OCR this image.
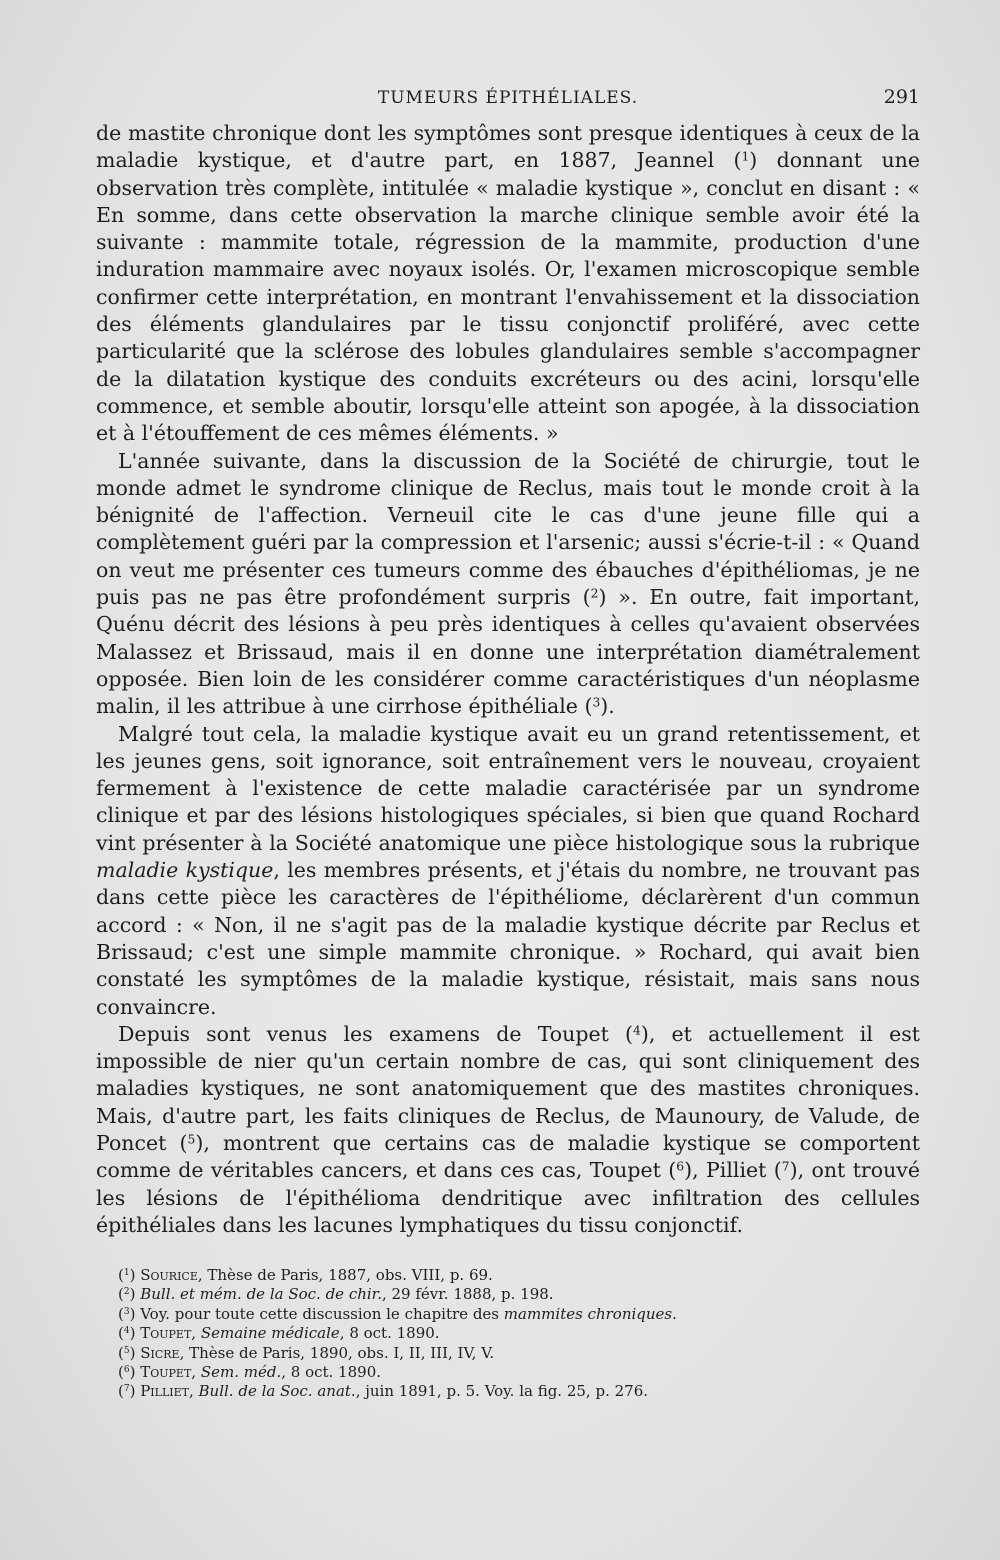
TUMEURS ÉPITHÉLIALES.	291

de mastite chronique dont les symptômes sont presque identiques à ceux de la maladie kystique, et d'autre part, en 1887, Jeannel ($^1$) donnant une observation très complète, intitulée « maladie kystique », conclut en disant : « En somme, dans cette observation la marche clinique semble avoir été la suivante : mammite totale, régression de la mammite, production d'une induration mammaire avec noyaux isolés. Or, l'examen microscopique semble confirmer cette interprétation, en montrant l'envahissement et la dissociation des éléments glandulaires par le tissu conjonctif proliféré, avec cette particularité que la sclérose des lobules glandulaires semble s'accompagner de la dilatation kystique des conduits excréteurs ou des acini, lorsqu'elle commence, et semble aboutir, lorsqu'elle atteint son apogée, à la dissociation et à l'étouffement de ces mêmes éléments. »

L'année suivante, dans la discussion de la Société de chirurgie, tout le monde admet le syndrome clinique de Reclus, mais tout le monde croit à la bénignité de l'affection. Verneuil cite le cas d'une jeune fille qui a complètement guéri par la compression et l'arsenic; aussi s'écrie-t-il : « Quand on veut me présenter ces tumeurs comme des ébauches d'épithéliomas, je ne puis pas ne pas être profondément surpris ($^2$) ». En outre, fait important, Quénu décrit des lésions à peu près identiques à celles qu'avaient observées Malassez et Brissaud, mais il en donne une interprétation diamétralement opposée. Bien loin de les considérer comme caractéristiques d'un néoplasme malin, il les attribue à une cirrhose épithéliale ($^3$).

Malgré tout cela, la maladie kystique avait eu un grand retentissement, et les jeunes gens, soit ignorance, soit entraînement vers le nouveau, croyaient fermement à l'existence de cette maladie caractérisée par un syndrome clinique et par des lésions histologiques spéciales, si bien que quand Rochard vint présenter à la Société anatomique une pièce histologique sous la rubrique maladie kystique, les membres présents, et j'étais du nombre, ne trouvant pas dans cette pièce les caractères de l'épithéliome, déclarèrent d'un commun accord : « Non, il ne s'agit pas de la maladie kystique décrite par Reclus et Brissaud; c'est une simple mammite chronique. » Rochard, qui avait bien constaté les symptômes de la maladie kystique, résistait, mais sans nous convaincre.

Depuis sont venus les examens de Toupet ($^4$), et actuellement il est impossible de nier qu'un certain nombre de cas, qui sont cliniquement des maladies kystiques, ne sont anatomiquement que des mastites chroniques. Mais, d'autre part, les faits cliniques de Reclus, de Maunoury, de Valude, de Poncet ($^5$), montrent que certains cas de maladie kystique se comportent comme de véritables cancers, et dans ces cas, Toupet ($^6$), Pilliet ($^7$), ont trouvé les lésions de l'épithélioma dendritique avec infiltration des cellules épithéliales dans les lacunes lymphatiques du tissu conjonctif.

($^1$) Sourice, Thèse de Paris, 1887, obs. VIII, p. 69.
($^2$) Bull. et mém. de la Soc. de chir., 29 févr. 1888, p. 198.
($^3$) Voy. pour toute cette discussion le chapitre des mammites chroniques.
($^4$) Toupet, Semaine médicale, 8 oct. 1890.
($^5$) Sicre, Thèse de Paris, 1890, obs. I, II, III, IV, V.
($^6$) Toupet, Sem. méd., 8 oct. 1890.
($^7$) Pilliet, Bull. de la Soc. anat., juin 1891, p. 5. Voy. la fig. 25, p. 276.
